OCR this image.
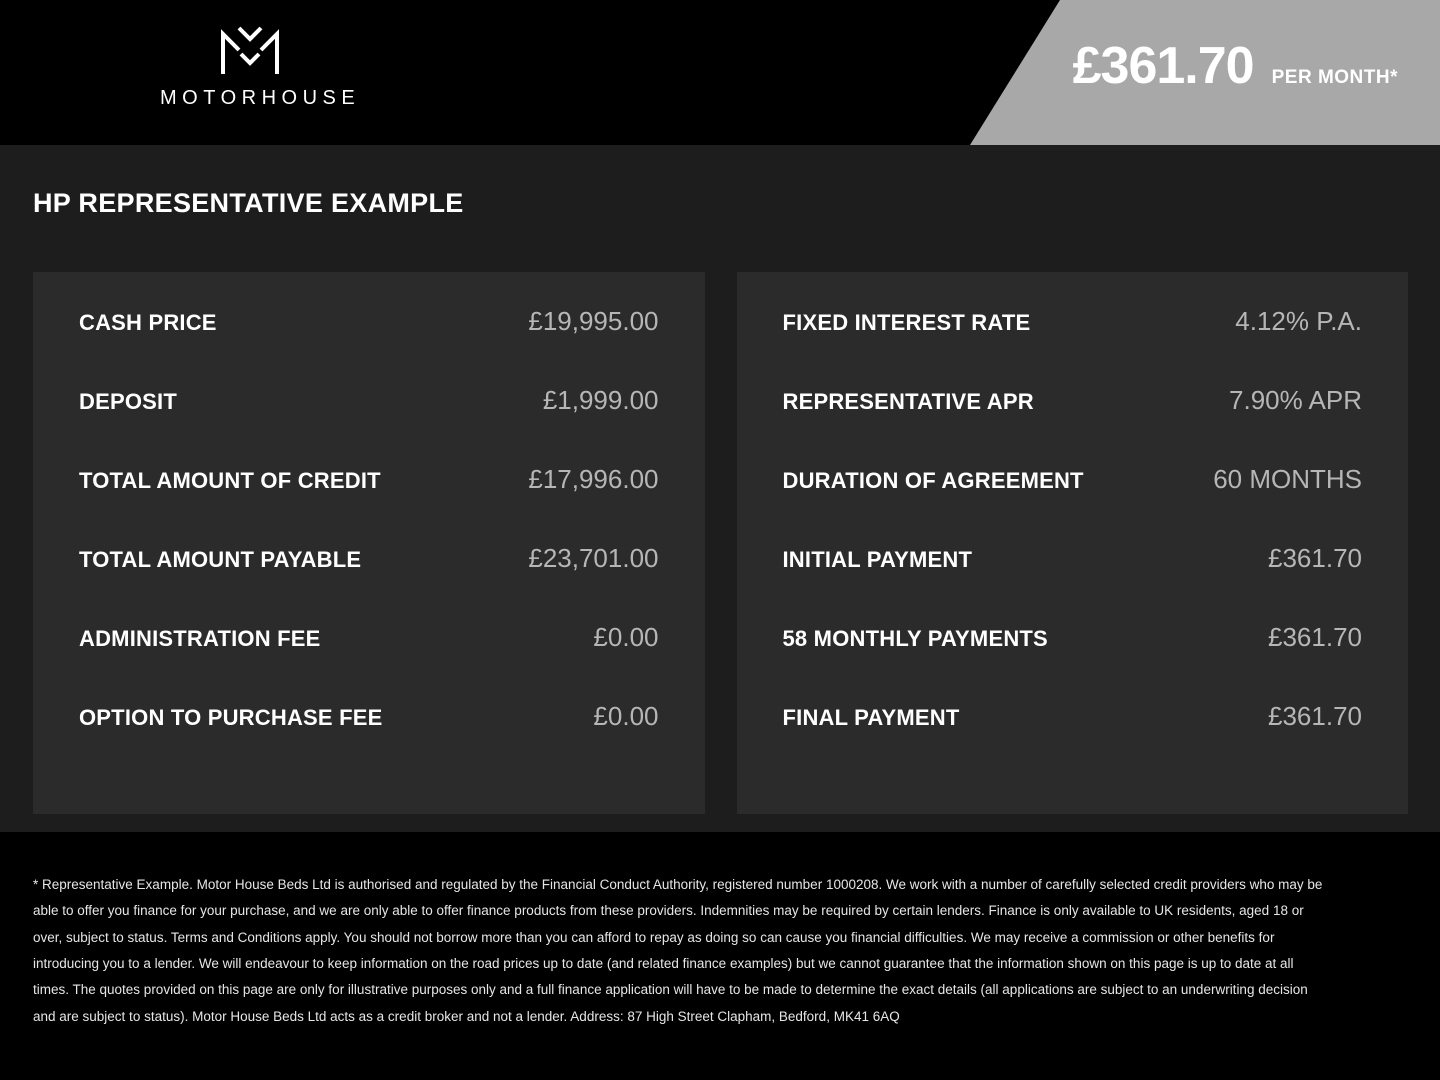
MOTORHOUSE
£361.70 PER MONTH*
HP REPRESENTATIVE EXAMPLE
CASH PRICE	£19,995.00
DEPOSIT	£1,999.00
TOTAL AMOUNT OF CREDIT	£17,996.00
TOTAL AMOUNT PAYABLE	£23,701.00
ADMINISTRATION FEE	£0.00
OPTION TO PURCHASE FEE	£0.00
FIXED INTEREST RATE	4.12% P.A.
REPRESENTATIVE APR	7.90% APR
DURATION OF AGREEMENT	60 MONTHS
INITIAL PAYMENT	£361.70
58 MONTHLY PAYMENTS	£361.70
FINAL PAYMENT	£361.70

* Representative Example. Motor House Beds Ltd is authorised and regulated by the Financial Conduct Authority, registered number 1000208. We work with a number of carefully selected credit providers who may be able to offer you finance for your purchase, and we are only able to offer finance products from these providers. Indemnities may be required by certain lenders. Finance is only available to UK residents, aged 18 or over, subject to status. Terms and Conditions apply. You should not borrow more than you can afford to repay as doing so can cause you financial difficulties. We may receive a commission or other benefits for introducing you to a lender. We will endeavour to keep information on the road prices up to date (and related finance examples) but we cannot guarantee that the information shown on this page is up to date at all times. The quotes provided on this page are only for illustrative purposes only and a full finance application will have to be made to determine the exact details (all applications are subject to an underwriting decision and are subject to status). Motor House Beds Ltd acts as a credit broker and not a lender. Address: 87 High Street Clapham, Bedford, MK41 6AQ
